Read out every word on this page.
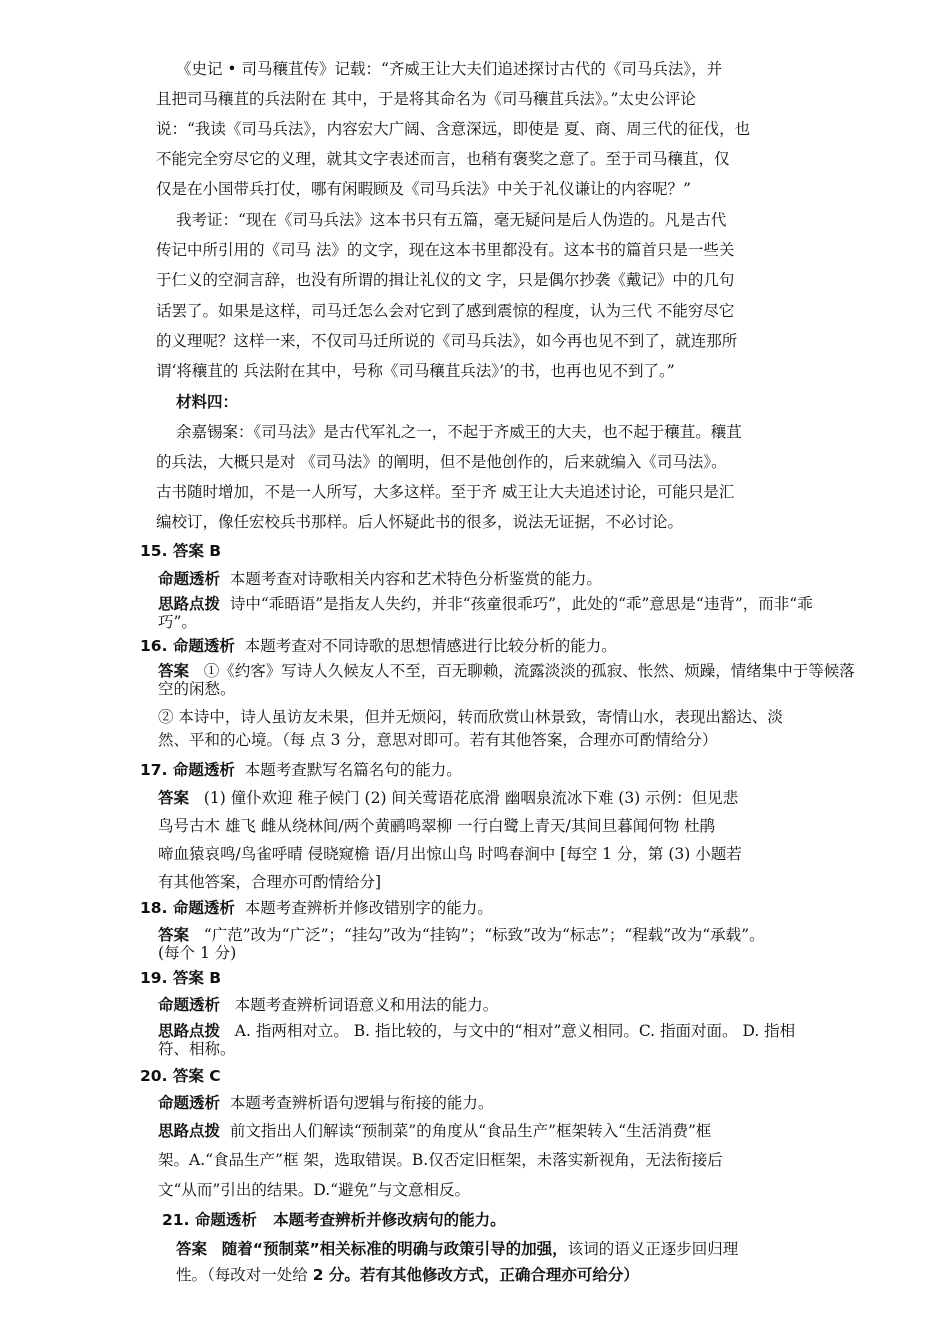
《史记 • 司马穰苴传》记载：“齐威王让大夫们追述探讨古代的《司马兵法》，并
且把司马穰苴的兵法附在 其中，于是将其命名为《司马穰苴兵法》。”太史公评论
说：“我读《司马兵法》，内容宏大广阔、含意深远，即使是 夏、商、周三代的征伐，也
不能完全穷尽它的义理，就其文字表述而言，也稍有褒奖之意了。至于司马穰苴，仅
仅是在小国带兵打仗，哪有闲暇顾及《司马兵法》中关于礼仪谦让的内容呢？”
我考证：“现在《司马兵法》这本书只有五篇，毫无疑问是后人伪造的。凡是古代
传记中所引用的《司马 法》的文字，现在这本书里都没有。这本书的篇首只是一些关
于仁义的空洞言辞，也没有所谓的揖让礼仪的文 字，只是偶尔抄袭《戴记》中的几句
话罢了。如果是这样，司马迁怎么会对它到了感到震惊的程度，认为三代 不能穷尽它
的义理呢？这样一来，不仅司马迁所说的《司马兵法》，如今再也见不到了，就连那所
谓‘将穰苴的 兵法附在其中，号称《司马穰苴兵法》’的书，也再也见不到了。”
材料四：
余嘉锡案：《司马法》是古代军礼之一，不起于齐威王的大夫，也不起于穰苴。穰苴
的兵法，大概只是对 《司马法》的阐明，但不是他创作的，后来就编入《司马法》。
古书随时增加，不是一人所写，大多这样。至于齐 威王让大夫追述讨论，可能只是汇
编校订，像任宏校兵书那样。后人怀疑此书的很多，说法无证据，不必讨论。
15. 答案 B
命题透析 本题考查对诗歌相关内容和艺术特色分析鉴赏的能力。
思路点拨 诗中“乖晤语”是指友人失约，并非“孩童很乖巧”，此处的“乖”意思是“违背”，而非“乖
巧”。
16. 命题透析 本题考查对不同诗歌的思想情感进行比较分析的能力。
答案 ①《约客》写诗人久候友人不至，百无聊赖，流露淡淡的孤寂、怅然、烦躁，情绪集中于等候落
空的闲愁。
② 本诗中，诗人虽访友未果，但并无烦闷，转而欣赏山林景致，寄情山水，表现出豁达、淡
然、平和的心境。（每 点 3 分，意思对即可。若有其他答案，合理亦可酌情给分）
17. 命题透析 本题考查默写名篇名句的能力。
答案 (1) 僮仆欢迎 稚子候门 (2) 间关莺语花底滑 幽咽泉流冰下难 (3) 示例：但见悲
鸟号古木 雄飞 雌从绕林间/两个黄鹂鸣翠柳 一行白鹭上青天/其间旦暮闻何物 杜鹃
啼血猿哀鸣/鸟雀呼晴 侵晓窥檐 语/月出惊山鸟 时鸣春涧中 [每空 1 分，第 (3) 小题若
有其他答案，合理亦可酌情给分]
18. 命题透析 本题考查辨析并修改错别字的能力。
答案 “广范”改为“广泛”；“挂勾”改为“挂钩”；“标致”改为“标志”；“程载”改为“承载”。
(每个 1 分)
19. 答案 B
命题透析 本题考查辨析词语意义和用法的能力。
思路点拨 A. 指两相对立。 B. 指比较的，与文中的“相对”意义相同。C. 指面对面。 D. 指相
符、相称。
20. 答案 C
命题透析 本题考查辨析语句逻辑与衔接的能力。
思路点拨 前文指出人们解读“预制菜”的角度从“食品生产”框架转入“生活消费”框
架。A.“食品生产”框 架，选取错误。B.仅否定旧框架，未落实新视角，无法衔接后
文“从而”引出的结果。D.“避免”与文意相反。
21. 命题透析 本题考查辨析并修改病句的能力。
答案 随着“预制菜”相关标准的明确与政策引导的加强，该词的语义正逐步回归理
性。（每改对一处给 2 分。若有其他修改方式，正确合理亦可给分）
